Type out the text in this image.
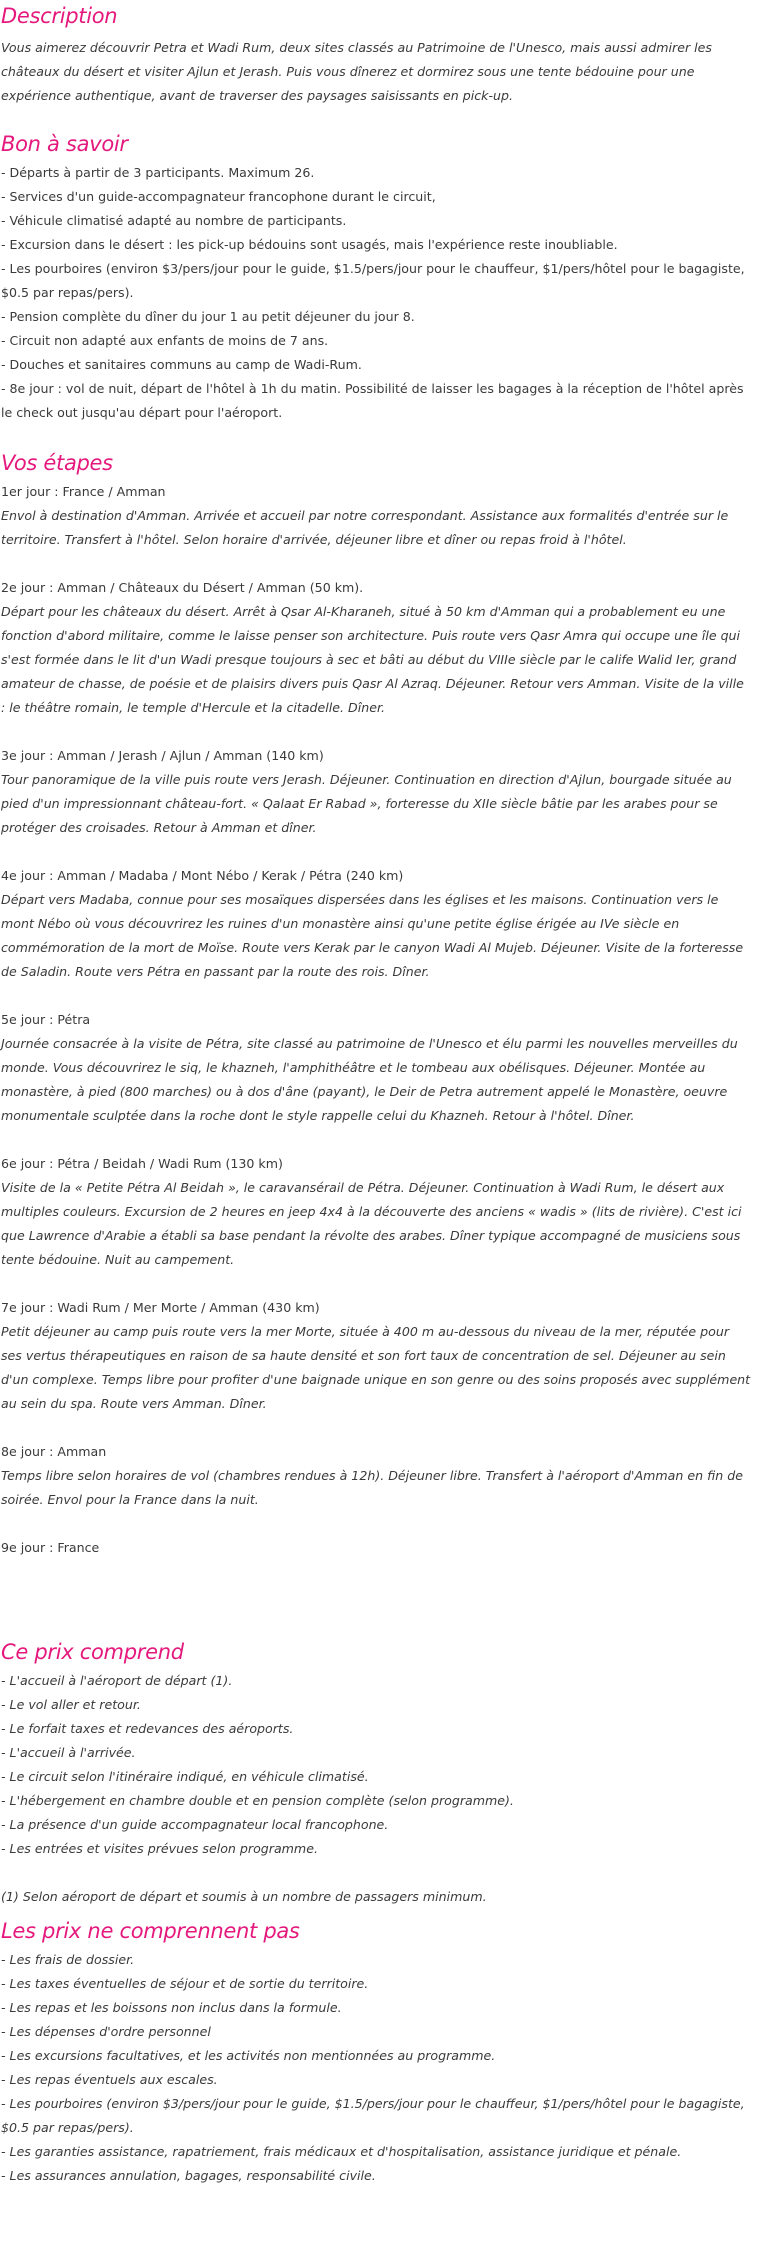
Description

Vous aimerez découvrir Petra et Wadi Rum, deux sites classés au Patrimoine de l'Unesco, mais aussi admirer les châteaux du désert et visiter Ajlun et Jerash. Puis vous dînerez et dormirez sous une tente bédouine pour une expérience authentique, avant de traverser des paysages saisissants en pick-up.

Bon à savoir
- Départs à partir de 3 participants. Maximum 26.
- Services d'un guide-accompagnateur francophone durant le circuit,
- Véhicule climatisé adapté au nombre de participants.
- Excursion dans le désert : les pick-up bédouins sont usagés, mais l'expérience reste inoubliable.
- Les pourboires (environ $3/pers/jour pour le guide, $1.5/pers/jour pour le chauffeur, $1/pers/hôtel pour le bagagiste, $0.5 par repas/pers).
- Pension complète du dîner du jour 1 au petit déjeuner du jour 8.
- Circuit non adapté aux enfants de moins de 7 ans.
- Douches et sanitaires communs au camp de Wadi-Rum.
- 8e jour : vol de nuit, départ de l'hôtel à 1h du matin. Possibilité de laisser les bagages à la réception de l'hôtel après le check out jusqu'au départ pour l'aéroport.
Vos étapes
1er jour : France / Amman
Envol à destination d'Amman. Arrivée et accueil par notre correspondant. Assistance aux formalités d'entrée sur le territoire. Transfert à l'hôtel. Selon horaire d'arrivée, déjeuner libre et dîner ou repas froid à l'hôtel.
2e jour : Amman / Châteaux du Désert / Amman (50 km).
Départ pour les châteaux du désert. Arrêt à Qsar Al-Kharaneh, situé à 50 km d'Amman qui a probablement eu une fonction d'abord militaire, comme le laisse penser son architecture. Puis route vers Qasr Amra qui occupe une île qui s'est formée dans le lit d'un Wadi presque toujours à sec et bâti au début du VIIIe siècle par le calife Walid Ier, grand amateur de chasse, de poésie et de plaisirs divers puis Qasr Al Azraq. Déjeuner. Retour vers Amman. Visite de la ville : le théâtre romain, le temple d'Hercule et la citadelle. Dîner.
3e jour : Amman / Jerash / Ajlun / Amman (140 km)
Tour panoramique de la ville puis route vers Jerash. Déjeuner. Continuation en direction d'Ajlun, bourgade située au pied d'un impressionnant château-fort. « Qalaat Er Rabad », forteresse du XIIe siècle bâtie par les arabes pour se protéger des croisades. Retour à Amman et dîner.
4e jour : Amman / Madaba / Mont Nébo / Kerak / Pétra (240 km)
Départ vers Madaba, connue pour ses mosaïques dispersées dans les églises et les maisons. Continuation vers le mont Nébo où vous découvrirez les ruines d'un monastère ainsi qu'une petite église érigée au IVe siècle en commémoration de la mort de Moïse. Route vers Kerak par le canyon Wadi Al Mujeb. Déjeuner. Visite de la forteresse de Saladin. Route vers Pétra en passant par la route des rois. Dîner.
5e jour : Pétra
Journée consacrée à la visite de Pétra, site classé au patrimoine de l'Unesco et élu parmi les nouvelles merveilles du monde. Vous découvrirez le siq, le khazneh, l'amphithéâtre et le tombeau aux obélisques. Déjeuner. Montée au monastère, à pied (800 marches) ou à dos d'âne (payant), le Deir de Petra autrement appelé le Monastère, oeuvre monumentale sculptée dans la roche dont le style rappelle celui du Khazneh. Retour à l'hôtel. Dîner.
6e jour : Pétra / Beidah / Wadi Rum (130 km)
Visite de la « Petite Pétra Al Beidah », le caravansérail de Pétra. Déjeuner. Continuation à Wadi Rum, le désert aux multiples couleurs. Excursion de 2 heures en jeep 4x4 à la découverte des anciens « wadis » (lits de rivière). C'est ici que Lawrence d'Arabie a établi sa base pendant la révolte des arabes. Dîner typique accompagné de musiciens sous tente bédouine. Nuit au campement.
7e jour : Wadi Rum / Mer Morte / Amman (430 km)
Petit déjeuner au camp puis route vers la mer Morte, située à 400 m au-dessous du niveau de la mer, réputée pour ses vertus thérapeutiques en raison de sa haute densité et son fort taux de concentration de sel. Déjeuner au sein d'un complexe. Temps libre pour profiter d'une baignade unique en son genre ou des soins proposés avec supplément au sein du spa. Route vers Amman. Dîner.
8e jour : Amman
Temps libre selon horaires de vol (chambres rendues à 12h). Déjeuner libre. Transfert à l'aéroport d'Amman en fin de soirée. Envol pour la France dans la nuit.
9e jour : France
Ce prix comprend
- L'accueil à l'aéroport de départ (1).
- Le vol aller et retour.
- Le forfait taxes et redevances des aéroports.
- L'accueil à l'arrivée.
- Le circuit selon l'itinéraire indiqué, en véhicule climatisé.
- L'hébergement en chambre double et en pension complète (selon programme).
- La présence d'un guide accompagnateur local francophone.
- Les entrées et visites prévues selon programme.

(1) Selon aéroport de départ et soumis à un nombre de passagers minimum.

Les prix ne comprennent pas
- Les frais de dossier.
- Les taxes éventuelles de séjour et de sortie du territoire.
- Les repas et les boissons non inclus dans la formule.
- Les dépenses d'ordre personnel
- Les excursions facultatives, et les activités non mentionnées au programme.
- Les repas éventuels aux escales.
- Les pourboires (environ $3/pers/jour pour le guide, $1.5/pers/jour pour le chauffeur, $1/pers/hôtel pour le bagagiste, $0.5 par repas/pers).
- Les garanties assistance, rapatriement, frais médicaux et d'hospitalisation, assistance juridique et pénale.
- Les assurances annulation, bagages, responsabilité civile.
